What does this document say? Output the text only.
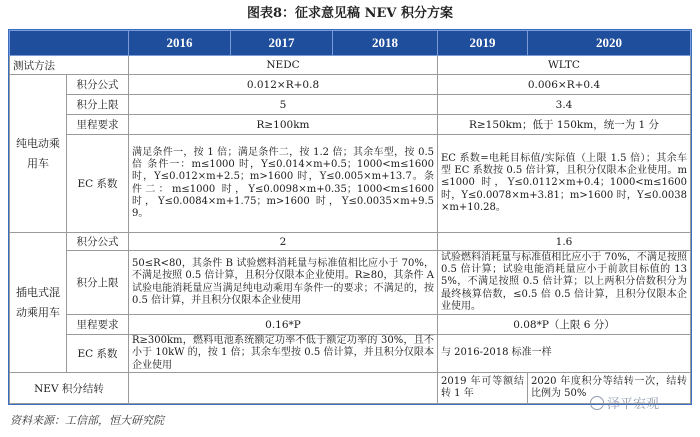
图表8：征求意见稿 NEV 积分方案
		2016	2017	2018	2019	2020
测试方法		NEDC			WLTC	
纯电动乘用车	积分公式	0.012×R+0.8			0.006×R+0.4	
	积分上限	5			3.4	
	里程要求	R≥100km			R≥150km；低于 150km，统一为 1 分	
	EC 系数	满足条件一，按 1 倍；满足条件二，按 1.2 倍；其余车型，按 0.5 倍 条件一：m≤1000 时，Y≤0.014×m+0.5；1000<m≤1600 时，Y≤0.012×m+2.5；m>1600 时，Y≤0.005×m+13.7。条件二：m≤1000 时，Y≤0.0098×m+0.35；1000<m≤1600 时，Y≤0.0084×m+1.75；m>1600 时，Y≤0.0035×m+9.59。			EC 系数=电耗目标值/实际值（上限 1.5 倍）；其余车型 EC 系数按 0.5 倍计算，且积分仅限本企业使用。m≤1000 时，Y≤0.0112×m+0.4；1000<m≤1600 时，Y≤0.0078×m+3.81；m>1600 时，Y≤0.0038×m+10.28。	
插电式混动乘用车	积分公式	2			1.6	
	积分上限	50≤R<80，其条件 B 试验燃料消耗量与标准值相比应小于 70%，不满足按照 0.5 倍计算，且积分仅限本企业使用。R≥80，其条件 A 试验电能消耗量应当满足纯电动乘用车条件一的要求；不满足的，按 0.5 倍计算，并且积分仅限本企业使用			试验燃料消耗量与标准值相比应小于 70%，不满足按照 0.5 倍计算；试验电能消耗量应小于前款目标值的 135%，不满足按照 0.5 倍计算；以上两积分倍数积分为最终核算倍数，≤0.5 倍 0.5 倍计算，且积分仅限本企业使用。	
	里程要求	0.16*P			0.08*P（上限 6 分）	
	EC 系数	R≥300km，燃料电池系统额定功率不低于额定功率的 30%，且不小于 10kW 的，按 1 倍；其余车型按 0.5 倍计算，并且积分仅限本企业使用			与 2016-2018 标准一样	
NEV 积分结转					2019 年可等额结转 1 年	2020 年度积分等结转一次，结转比例为 50%
泽平宏观
资料来源：工信部，恒大研究院
